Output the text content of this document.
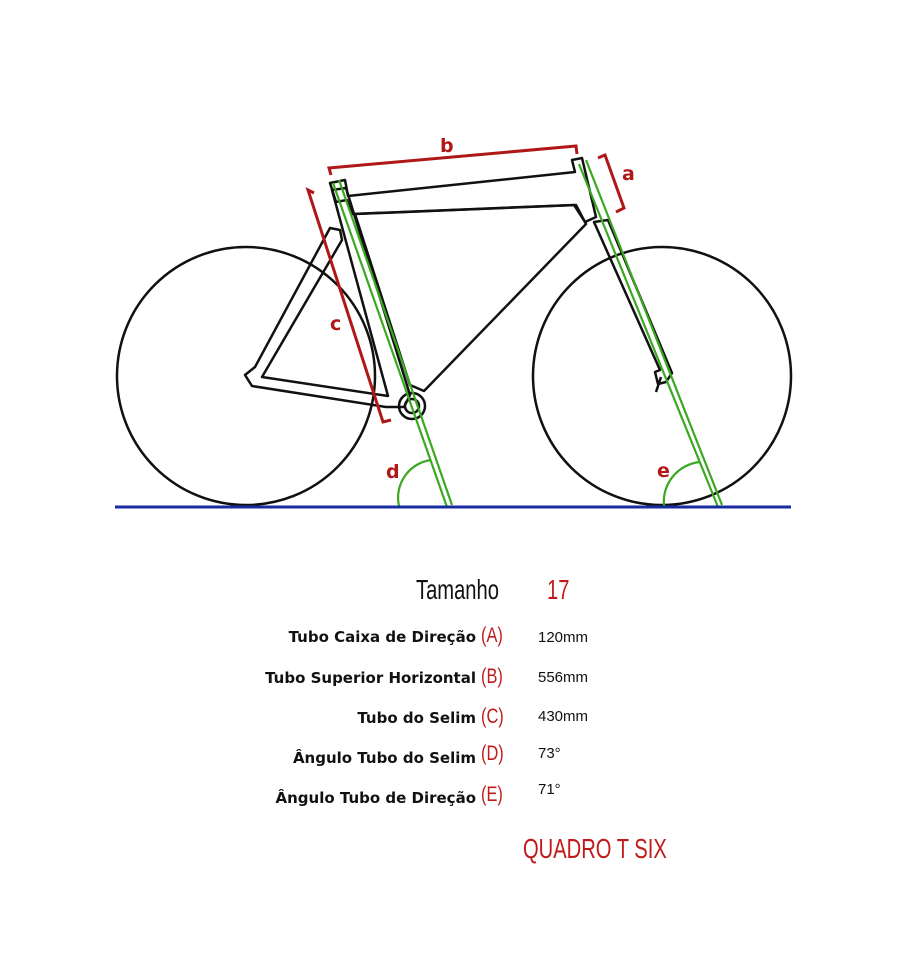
b
a
c
d	e
Tamanho 17
Tubo Caixa de Direção (A) 120mm
Tubo Superior Horizontal (B) 556mm
Tubo do Selim (C) 430mm
Ângulo Tubo do Selim (D) 73°
Ângulo Tubo de Direção (E) 71°
QUADRO T SIX
